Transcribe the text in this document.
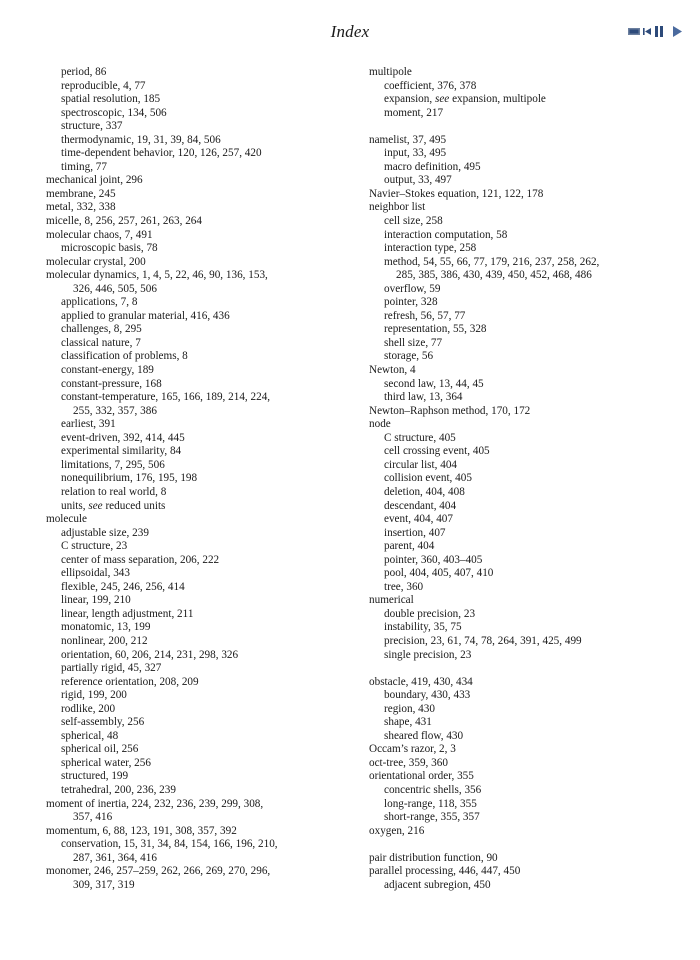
Index
period, 86
reproducible, 4, 77
spatial resolution, 185
spectroscopic, 134, 506
structure, 337
thermodynamic, 19, 31, 39, 84, 506
time-dependent behavior, 120, 126, 257, 420
timing, 77
mechanical joint, 296
membrane, 245
metal, 332, 338
micelle, 8, 256, 257, 261, 263, 264
molecular chaos, 7, 491
microscopic basis, 78
molecular crystal, 200
molecular dynamics, 1, 4, 5, 22, 46, 90, 136, 153,
326, 446, 505, 506
applications, 7, 8
applied to granular material, 416, 436
challenges, 8, 295
classical nature, 7
classification of problems, 8
constant-energy, 189
constant-pressure, 168
constant-temperature, 165, 166, 189, 214, 224,
255, 332, 357, 386
earliest, 391
event-driven, 392, 414, 445
experimental similarity, 84
limitations, 7, 295, 506
nonequilibrium, 176, 195, 198
relation to real world, 8
units, see reduced units
molecule
adjustable size, 239
C structure, 23
center of mass separation, 206, 222
ellipsoidal, 343
flexible, 245, 246, 256, 414
linear, 199, 210
linear, length adjustment, 211
monatomic, 13, 199
nonlinear, 200, 212
orientation, 60, 206, 214, 231, 298, 326
partially rigid, 45, 327
reference orientation, 208, 209
rigid, 199, 200
rodlike, 200
self-assembly, 256
spherical, 48
spherical oil, 256
spherical water, 256
structured, 199
tetrahedral, 200, 236, 239
moment of inertia, 224, 232, 236, 239, 299, 308,
357, 416
momentum, 6, 88, 123, 191, 308, 357, 392
conservation, 15, 31, 34, 84, 154, 166, 196, 210,
287, 361, 364, 416
monomer, 246, 257–259, 262, 266, 269, 270, 296,
309, 317, 319
multipole
coefficient, 376, 378
expansion, see expansion, multipole
moment, 217
namelist, 37, 495
input, 33, 495
macro definition, 495
output, 33, 497
Navier–Stokes equation, 121, 122, 178
neighbor list
cell size, 258
interaction computation, 58
interaction type, 258
method, 54, 55, 66, 77, 179, 216, 237, 258, 262,
285, 385, 386, 430, 439, 450, 452, 468, 486
overflow, 59
pointer, 328
refresh, 56, 57, 77
representation, 55, 328
shell size, 77
storage, 56
Newton, 4
second law, 13, 44, 45
third law, 13, 364
Newton–Raphson method, 170, 172
node
C structure, 405
cell crossing event, 405
circular list, 404
collision event, 405
deletion, 404, 408
descendant, 404
event, 404, 407
insertion, 407
parent, 404
pointer, 360, 403–405
pool, 404, 405, 407, 410
tree, 360
numerical
double precision, 23
instability, 35, 75
precision, 23, 61, 74, 78, 264, 391, 425, 499
single precision, 23
obstacle, 419, 430, 434
boundary, 430, 433
region, 430
shape, 431
sheared flow, 430
Occam’s razor, 2, 3
oct-tree, 359, 360
orientational order, 355
concentric shells, 356
long-range, 118, 355
short-range, 355, 357
oxygen, 216
pair distribution function, 90
parallel processing, 446, 447, 450
adjacent subregion, 450
